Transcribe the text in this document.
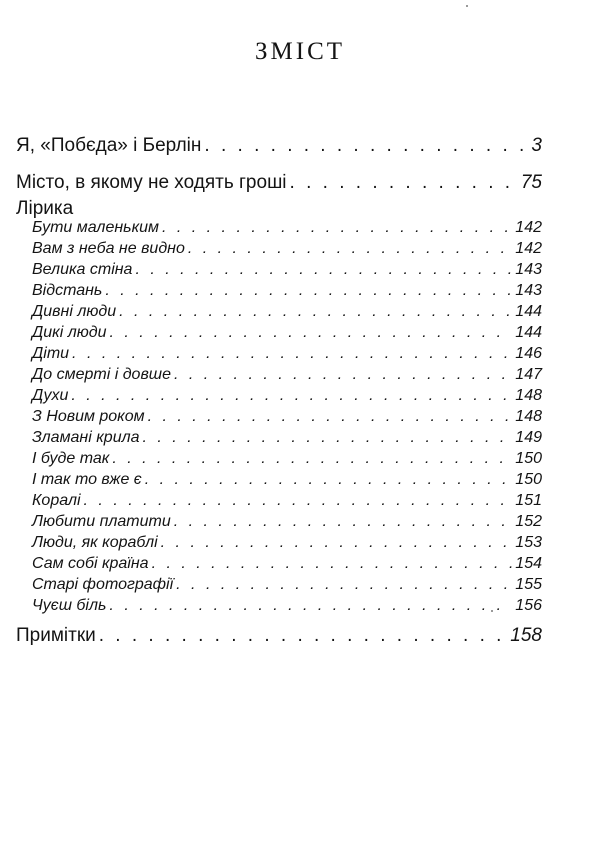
ЗМІСТ
Я, «Побєда» і Берлін . . .	3
Місто, в якому не ходять гроші . . .	75
Лірика
Бути маленьким . . .	142
Вам з неба не видно . . .	142
Велика стіна . . .	143
Відстань . . .	143
Дивні люди . . .	144
Дикі люди . . .	144
Діти . . .	146
До смерті і довше . . .	147
Духи . . .	148
З Новим роком . . .	148
Зламані крила . . .	149
І буде так . . .	150
І так то вже є . . .	150
Коралі . . .	151
Любити платити . . .	152
Люди, як кораблі . . .	153
Сам собі країна . . .	154
Старі фотографії . . .	155
Чуєш біль . . .	156
Примітки . . .	158
